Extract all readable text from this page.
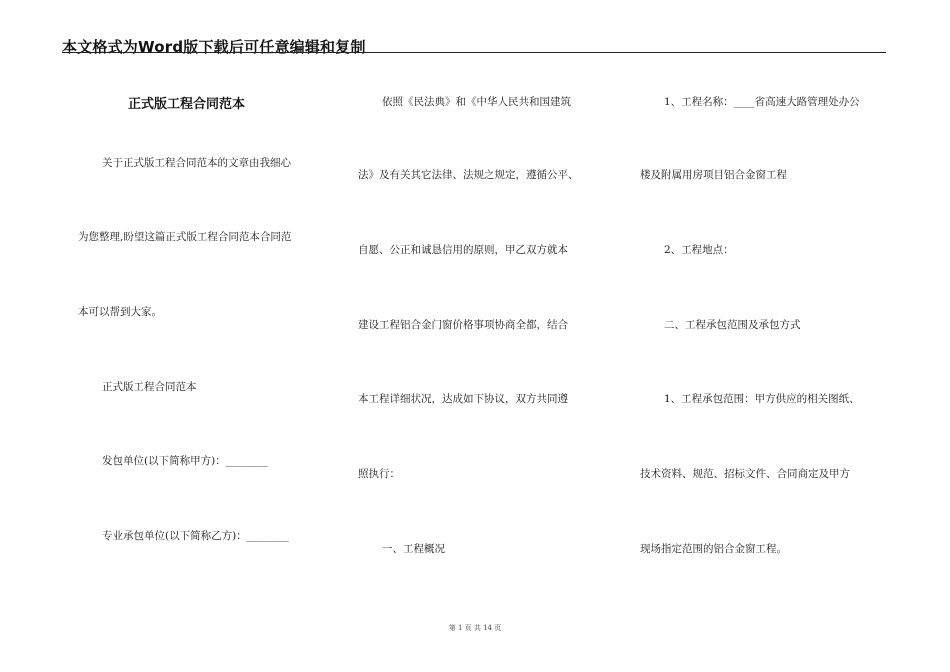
本文格式为Word版下载后可任意编辑和复制
正式版工程合同范本
关于正式版工程合同范本的文章由我细心
为您整理,盼望这篇正式版工程合同范本合同范
本可以帮到大家。
正式版工程合同范本
发包单位(以下简称甲方)：________
专业承包单位(以下简称乙方)：________
依照《民法典》和《中华人民共和国建筑
法》及有关其它法律、法规之规定，遵循公平、
自愿、公正和诚恳信用的原则，甲乙双方就本
建设工程铝合金门窗价格事项协商全都，结合
本工程详细状况，达成如下协议，双方共同遵
照执行：
一、工程概况
1、工程名称：____省高速大路管理处办公
楼及附属用房项目铝合金窗工程
2、工程地点：
二、工程承包范围及承包方式
1、工程承包范围：甲方供应的相关图纸、
技术资料、规范、招标文件、合同商定及甲方
现场指定范围的铝合金窗工程。
第 1 页 共 14 页
